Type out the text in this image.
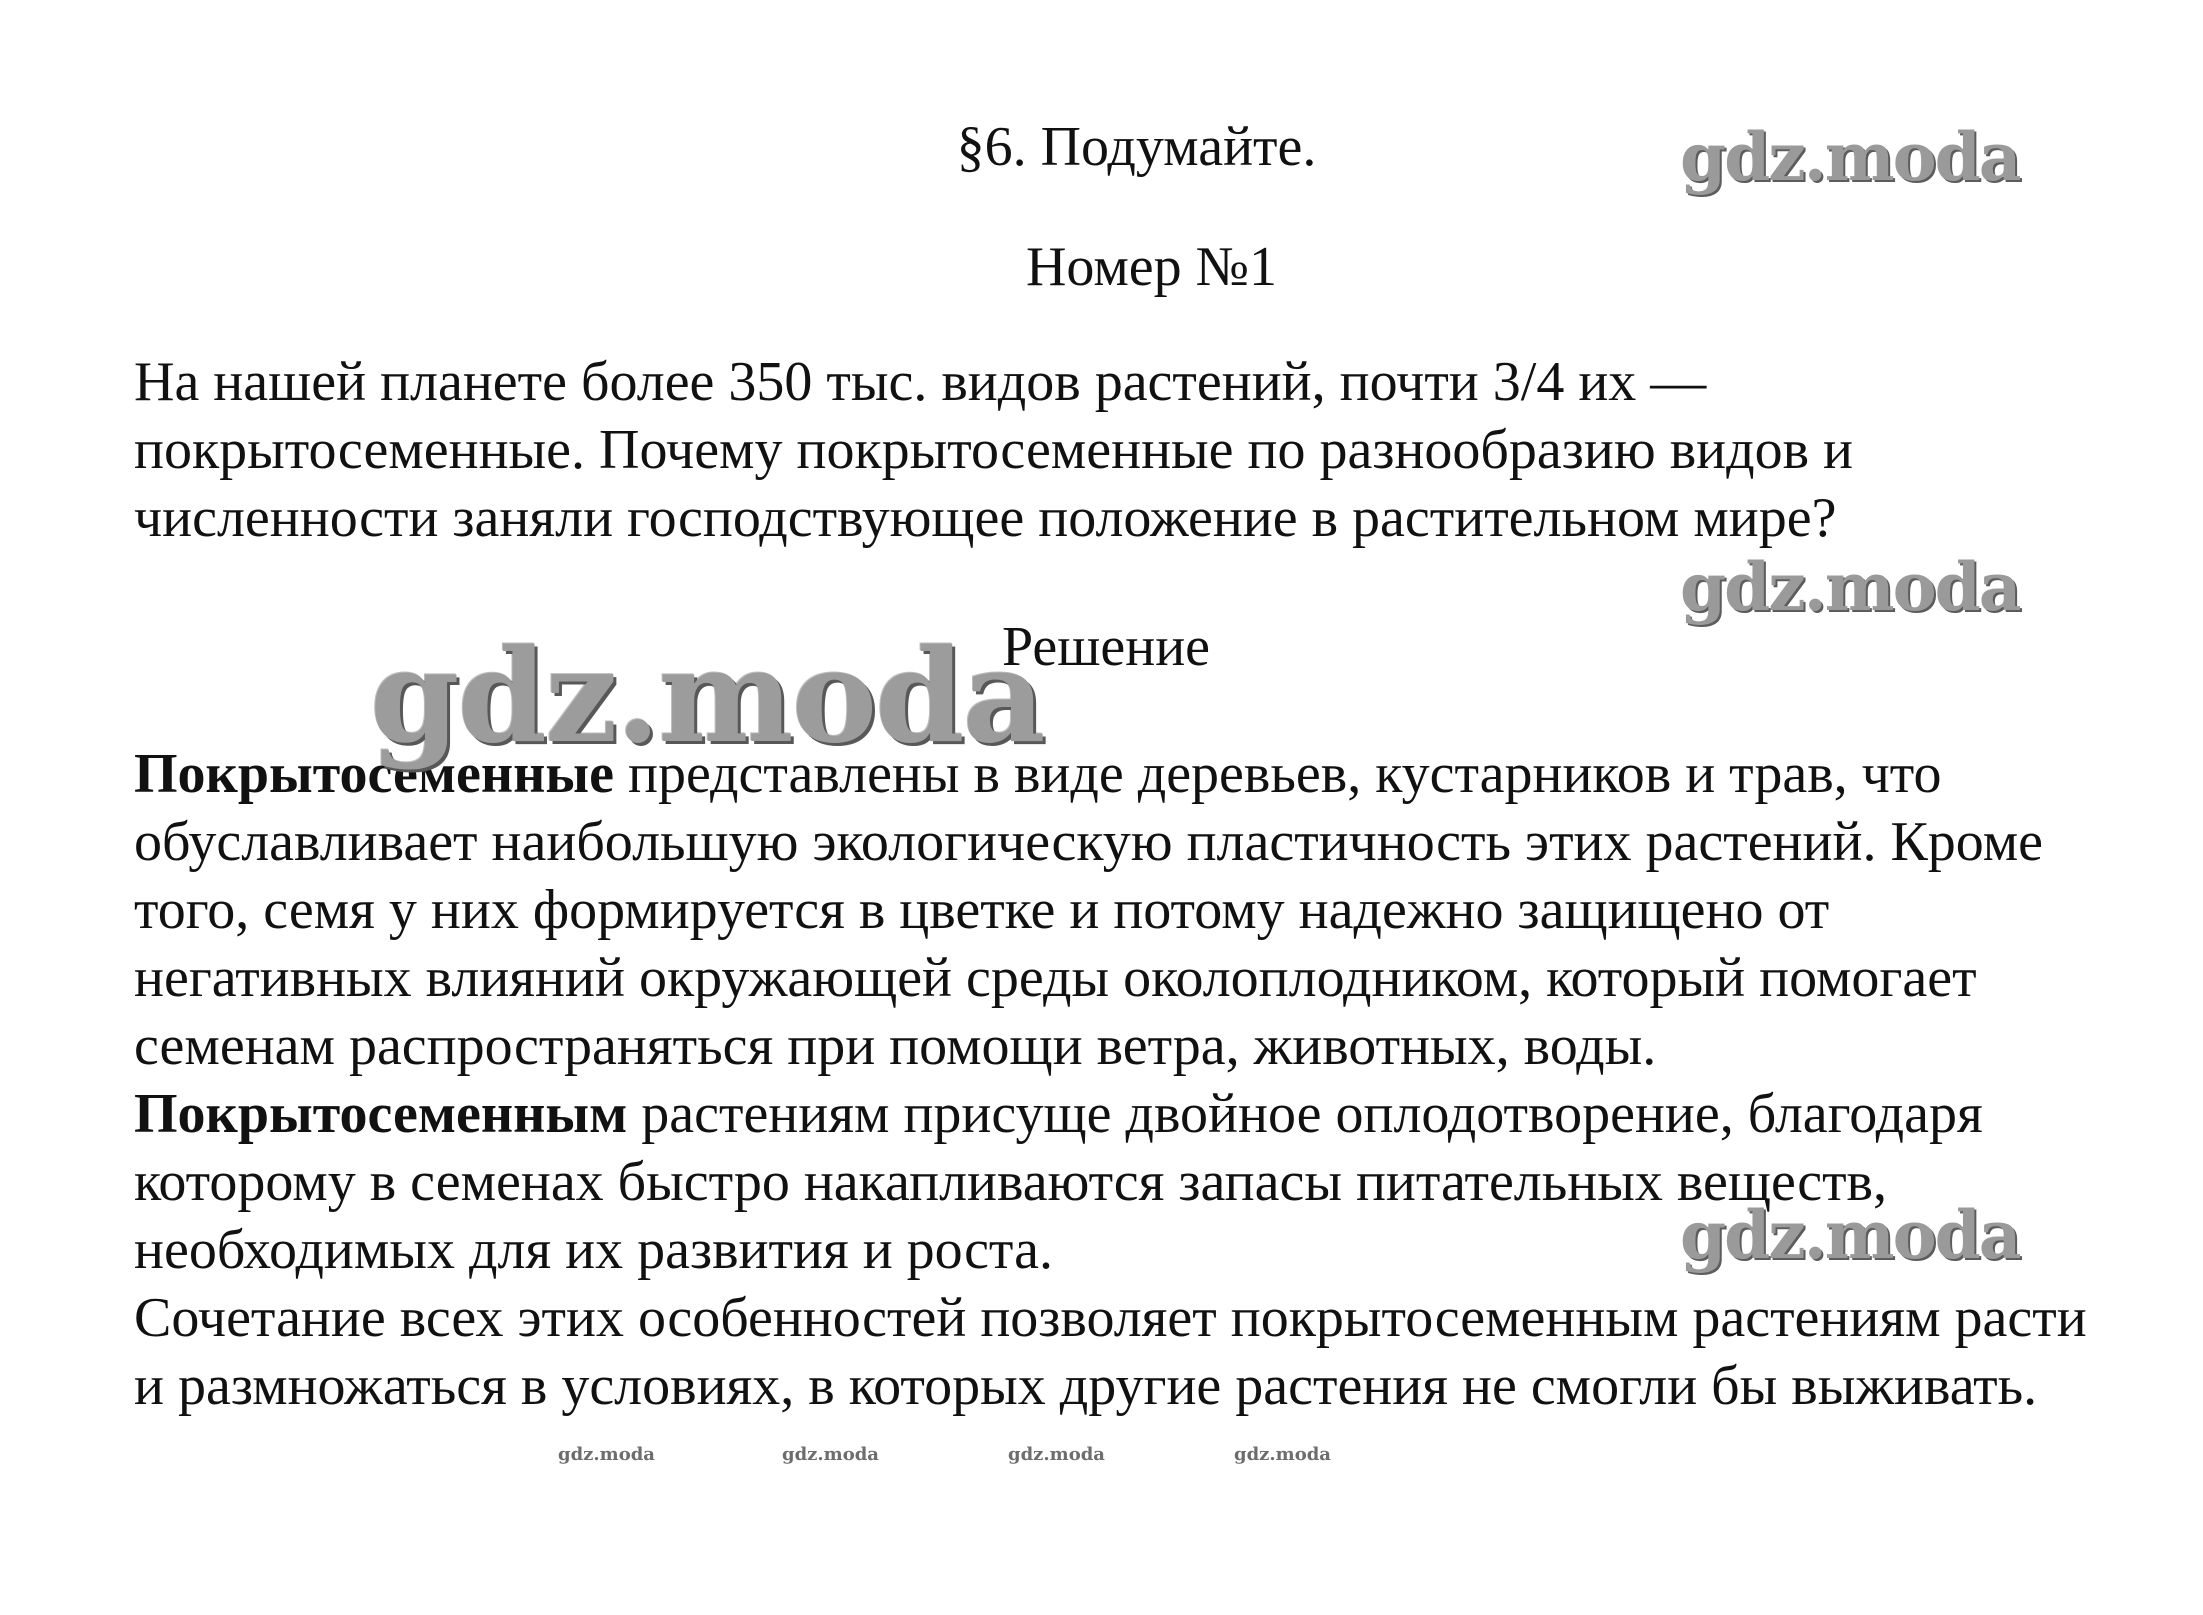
§6. Подумайте.
Номер №1
На нашей планете более 350 тыс. видов растений, почти 3/4 их —
покрытосеменные. Почему покрытосеменные по разнообразию видов и
численности заняли господствующее положение в растительном мире?
Решение

Покрытосеменные представлены в виде деревьев, кустарников и трав, что обуславливает наибольшую экологическую пластичность этих растений. Кроме того, семя у них формируется в цветке и потому надежно защищено от негативных влияний окружающей среды околоплодником, который помогает семенам распространяться при помощи ветра, животных, воды.

Покрытосеменным растениям присуще двойное оплодотворение, благодаря которому в семенах быстро накапливаются запасы питательных веществ, необходимых для их развития и роста.

Сочетание всех этих особенностей позволяет покрытосеменным растениям расти и размножаться в условиях, в которых другие растения не смогли бы выживать.

gdz.moda
gdz.moda
gdz.moda
gdz.moda
gdz.moda	gdz.moda	gdz.moda	gdz.moda
